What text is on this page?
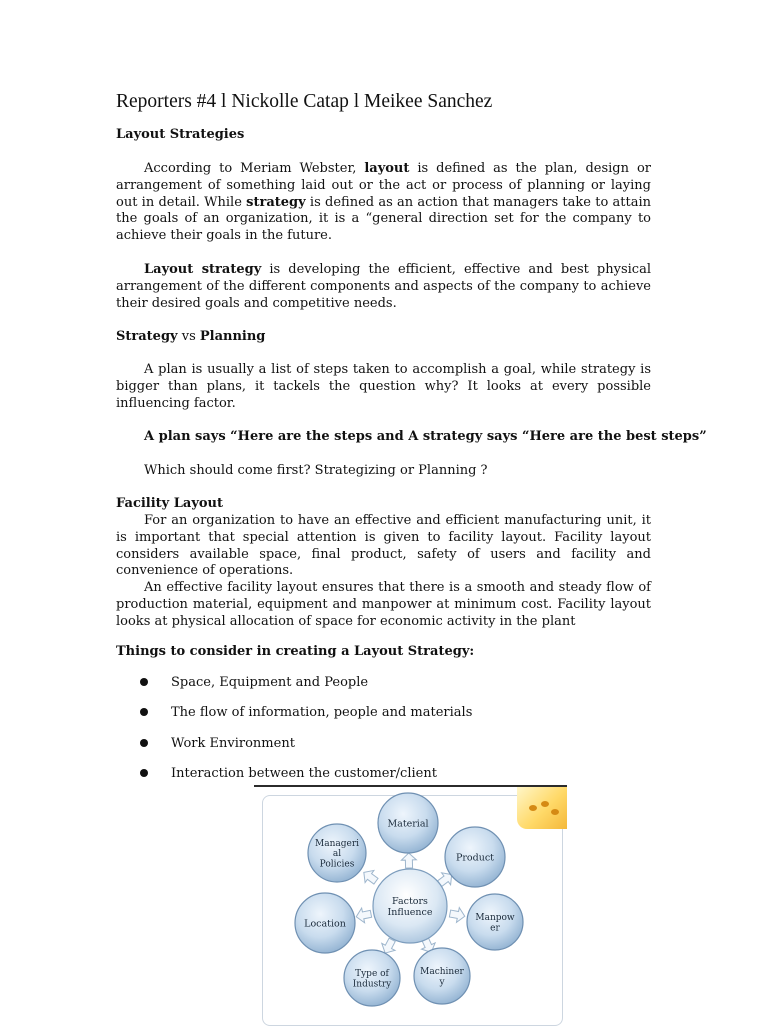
Reporters #4 l Nickolle Catap l Meikee Sanchez

Layout Strategies

According to Meriam Webster, layout is defined as the plan, design or arrangement of something laid out or the act or process of planning or laying out in detail. While strategy is defined as an action that managers take to attain the goals of an organization, it is a “general direction set for the company to achieve their goals in the future.

Layout strategy is developing the efficient, effective and best physical arrangement of the different components and aspects of the company to achieve their desired goals and competitive needs.

Strategy vs Planning

A plan is usually a list of steps taken to accomplish a goal, while strategy is bigger than plans, it tackels the question why? It looks at every possible influencing factor.

A plan says “Here are the steps and A strategy says “Here are the best steps”

Which should come first? Strategizing or Planning ?

Facility Layout

For an organization to have an effective and efficient manufacturing unit, it is important that special attention is given to facility layout. Facility layout considers available space, final product, safety of users and facility and convenience of operations.

An effective facility layout ensures that there is a smooth and steady flow of production material, equipment and manpower at minimum cost. Facility layout looks at physical allocation of space for economic activity in the plant

Things to consider in creating a Layout Strategy:

Space, Equipment and People
The flow of information, people and materials
Work Environment
Interaction between the customer/client
Factors
Influence
Material
Product
Manpow
er
Machiner
y
Type of
Industry
Location
Manageri
al
Policies
